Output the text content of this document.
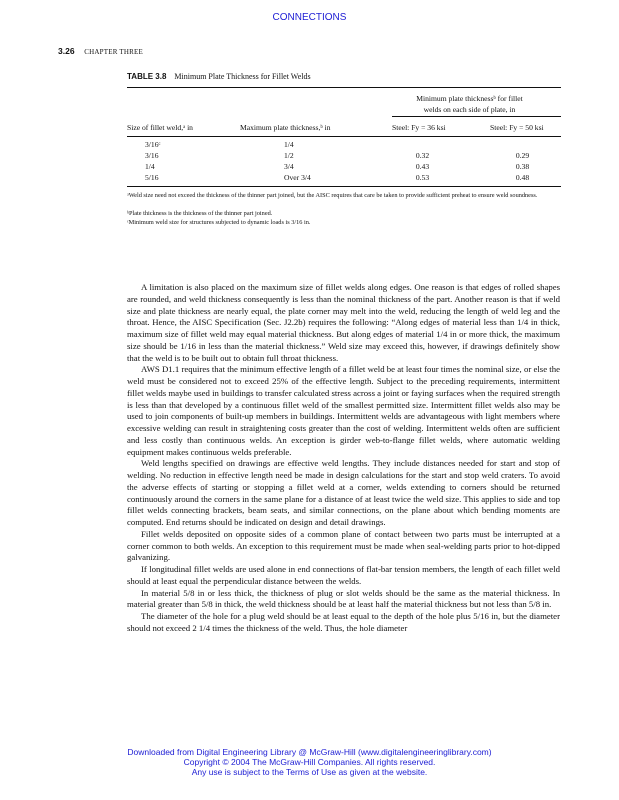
CONNECTIONS
3.26 CHAPTER THREE
TABLE 3.8 Minimum Plate Thickness for Fillet Welds
Minimum plate thicknessᵇ for fillet
welds on each side of plate, in
Size of fillet weld,ᵃ in	Maximum plate thickness,ᵇ in	Steel: Fy = 36 ksi	Steel: Fy = 50 ksi
3/16ᶜ	1/4
3/16	1/2	0.32	0.29
1/4	3/4	0.43	0.38
5/16	Over 3/4	0.53	0.48
ᵃWeld size need not exceed the thickness of the thinner part joined, but the AISC requires that care be taken to provide sufficient preheat to ensure weld soundness.
ᵇPlate thickness is the thickness of the thinner part joined.
ᶜMinimum weld size for structures subjected to dynamic loads is 3/16 in.

A limitation is also placed on the maximum size of fillet welds along edges. One reason is that edges of rolled shapes are rounded, and weld thickness consequently is less than the nominal thickness of the part. Another reason is that if weld size and plate thickness are nearly equal, the plate corner may melt into the weld, reducing the length of weld leg and the throat. Hence, the AISC Specification (Sec. J2.2b) requires the following: “Along edges of material less than 1/4 in thick, maximum size of fillet weld may equal material thickness. But along edges of material 1/4 in or more thick, the maximum size should be 1/16 in less than the material thickness.” Weld size may exceed this, however, if drawings definitely show that the weld is to be built out to obtain full throat thickness.

AWS D1.1 requires that the minimum effective length of a fillet weld be at least four times the nominal size, or else the weld must be considered not to exceed 25% of the effective length. Subject to the preceding requirements, intermittent fillet welds maybe used in buildings to transfer calculated stress across a joint or faying surfaces when the required strength is less than that developed by a continuous fillet weld of the smallest permitted size. Intermittent fillet welds also may be used to join components of built-up members in buildings. Intermittent welds are advantageous with light members where excessive welding can result in straightening costs greater than the cost of welding. Intermittent welds often are sufficient and less costly than continuous welds. An exception is girder web-to-flange fillet welds, where automatic welding equipment makes continuous welds preferable.

Weld lengths specified on drawings are effective weld lengths. They include distances needed for start and stop of welding. No reduction in effective length need be made in design calculations for the start and stop weld craters. To avoid the adverse effects of starting or stopping a fillet weld at a corner, welds extending to corners should be returned continuously around the corners in the same plane for a distance of at least twice the weld size. This applies to side and top fillet welds connecting brackets, beam seats, and similar connections, on the plane about which bending moments are computed. End returns should be indicated on design and detail drawings.

Fillet welds deposited on opposite sides of a common plane of contact between two parts must be interrupted at a corner common to both welds. An exception to this requirement must be made when seal-welding parts prior to hot-dipped galvanizing.

If longitudinal fillet welds are used alone in end connections of flat-bar tension members, the length of each fillet weld should at least equal the perpendicular distance between the welds.

In material 5/8 in or less thick, the thickness of plug or slot welds should be the same as the material thickness. In material greater than 5/8 in thick, the weld thickness should be at least half the material thickness but not less than 5/8 in.

The diameter of the hole for a plug weld should be at least equal to the depth of the hole plus 5/16 in, but the diameter should not exceed 2 1/4 times the thickness of the weld. Thus, the hole diameter

Downloaded from Digital Engineering Library @ McGraw-Hill (www.digitalengineeringlibrary.com)
Copyright © 2004 The McGraw-Hill Companies. All rights reserved.
Any use is subject to the Terms of Use as given at the website.
